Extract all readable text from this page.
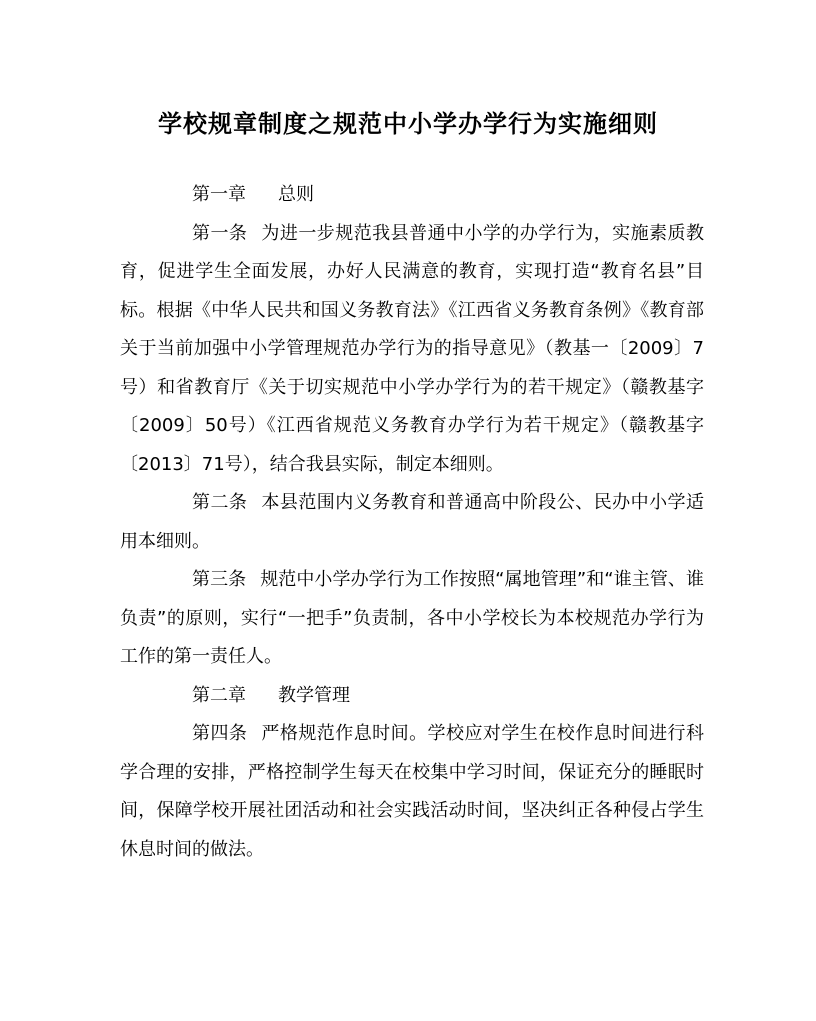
学校规章制度之规范中小学办学行为实施细则

第一章 总则

第一条 为进一步规范我县普通中小学的办学行为，实施素质教育，促进学生全面发展，办好人民满意的教育，实现打造“教育名县”目标。根据《中华人民共和国义务教育法》《江西省义务教育条例》《教育部关于当前加强中小学管理规范办学行为的指导意见》（教基一〔2009〕7号）和省教育厅《关于切实规范中小学办学行为的若干规定》（赣教基字〔2009〕50号）《江西省规范义务教育办学行为若干规定》（赣教基字〔2013〕71号），结合我县实际，制定本细则。

第二条 本县范围内义务教育和普通高中阶段公、民办中小学适用本细则。

第三条 规范中小学办学行为工作按照“属地管理”和“谁主管、谁负责”的原则，实行“一把手”负责制，各中小学校长为本校规范办学行为工作的第一责任人。

第二章 教学管理

第四条 严格规范作息时间。学校应对学生在校作息时间进行科学合理的安排，严格控制学生每天在校集中学习时间，保证充分的睡眠时间，保障学校开展社团活动和社会实践活动时间，坚决纠正各种侵占学生休息时间的做法。
